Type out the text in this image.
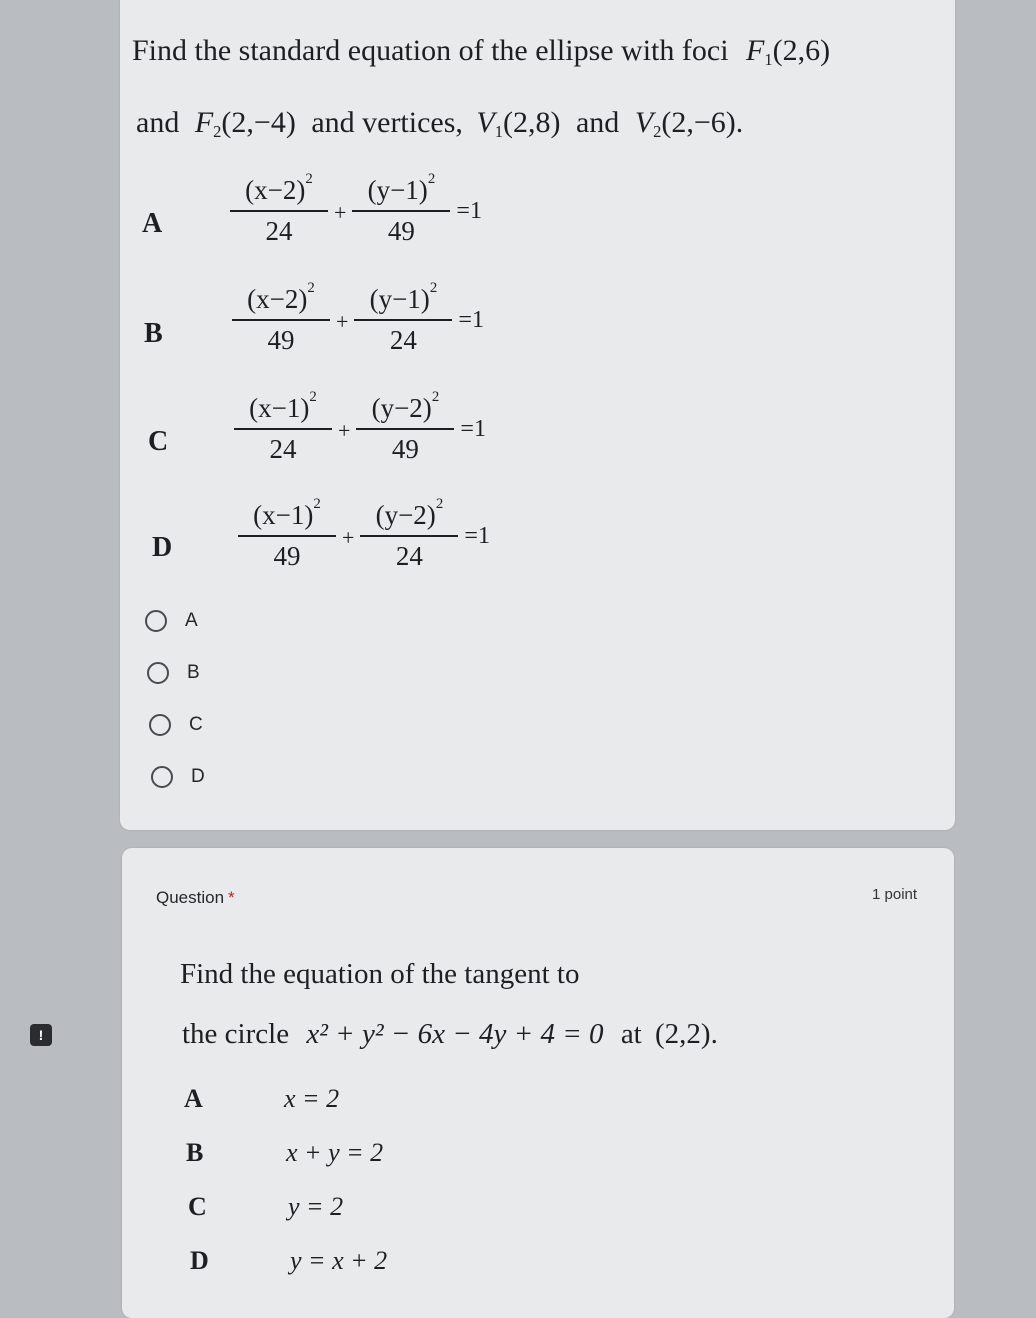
Find the standard equation of the ellipse with foci $F_1(2,6)$
and $F_2(2,-4)$ and vertices, $V_1(2,8)$ and $V_2(2,-6)$.
A	$\frac{(x-2)^2}{24} + \frac{(y-1)^2}{49} =1$
B	$\frac{(x-2)^2}{49} + \frac{(y-1)^2}{24} =1$
C $\frac{(x-1)^2}{24} + \frac{(y-2)^2}{49} =1$
D $\frac{(x-1)^2}{49} + \frac{(y-2)^2}{24} =1$
A
B
C
D
Question *	1 point
!
Find the equation of the tangent to
the circle x² + y² − 6x − 4y + 4 = 0 at (2,2).
A	x = 2
B	x + y = 2
C	y = 2
D	y = x + 2
